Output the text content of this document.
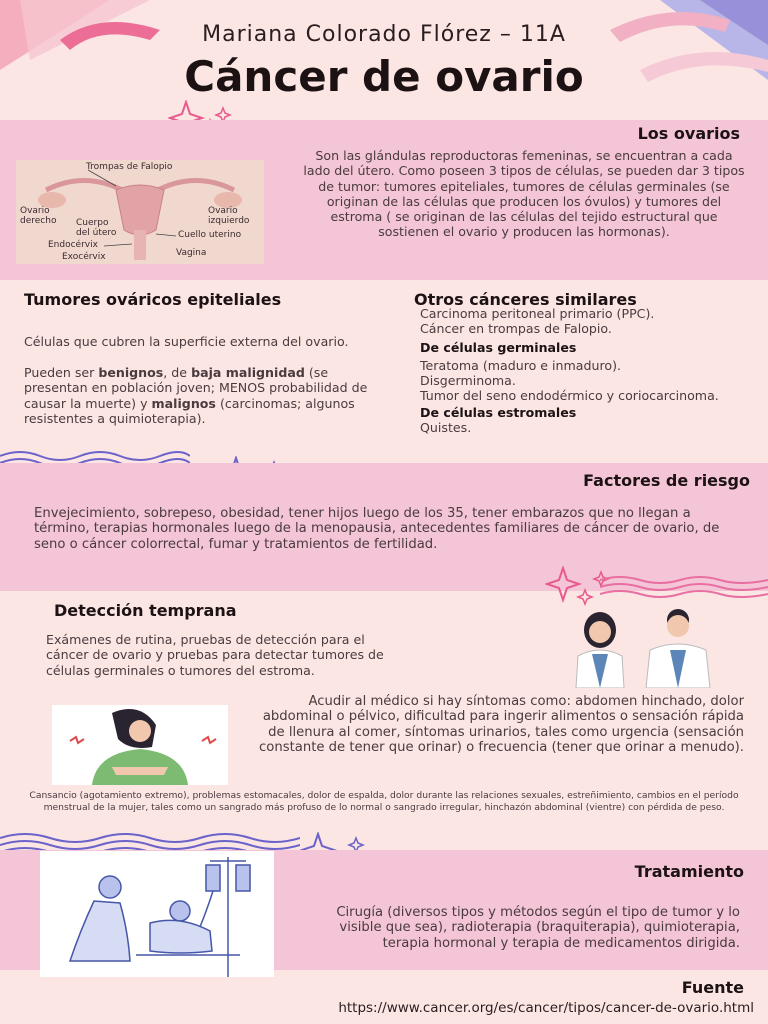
Mariana Colorado Flórez – 11A
Cáncer de ovario
Los ovarios
Son las glándulas reproductoras femeninas, se encuentran a cada lado del útero. Como poseen 3 tipos de células, se pueden dar 3 tipos de tumor: tumores epiteliales, tumores de células germinales (se originan de las células que producen los óvulos) y tumores del estroma ( se originan de las células del tejido estructural que sostienen el ovario y producen las hormonas).
Trompas de Falopio
Ovario derecho
Ovario izquierdo
Cuerpo del útero	Cuello uterino
Endocérvix
Exocérvix	Vagina
Tumores ováricos epiteliales
Células que cubren la superficie externa del ovario.
Pueden ser benignos, de baja malignidad (se presentan en población joven; MENOS probabilidad de causar la muerte) y malignos (carcinomas; algunos resistentes a quimioterapia).
Otros cánceres similares
Carcinoma peritoneal primario (PPC).
Cáncer en trompas de Falopio.
De células germinales
Teratoma (maduro e inmaduro).
Disgerminoma.
Tumor del seno endodérmico y coriocarcinoma.
De células estromales
Quistes.
Factores de riesgo
Envejecimiento, sobrepeso, obesidad, tener hijos luego de los 35, tener embarazos que no llegan a término, terapias hormonales luego de la menopausia, antecedentes familiares de cáncer de ovario, de seno o cáncer colorrectal, fumar y tratamientos de fertilidad.
Detección temprana
Exámenes de rutina, pruebas de detección para el cáncer de ovario y pruebas para detectar tumores de células germinales o tumores del estroma.
Acudir al médico si hay síntomas como: abdomen hinchado, dolor abdominal o pélvico, dificultad para ingerir alimentos o sensación rápida de llenura al comer, síntomas urinarios, tales como urgencia (sensación constante de tener que orinar) o frecuencia (tener que orinar a menudo).
Cansancio (agotamiento extremo), problemas estomacales, dolor de espalda, dolor durante las relaciones sexuales, estreñimiento, cambios en el período menstrual de la mujer, tales como un sangrado más profuso de lo normal o sangrado irregular, hinchazón abdominal (vientre) con pérdida de peso.
Tratamiento
Cirugía (diversos tipos y métodos según el tipo de tumor y lo visible que sea), radioterapia (braquiterapia), quimioterapia, terapia hormonal y terapia de medicamentos dirigida.
Fuente
https://www.cancer.org/es/cancer/tipos/cancer-de-ovario.html
